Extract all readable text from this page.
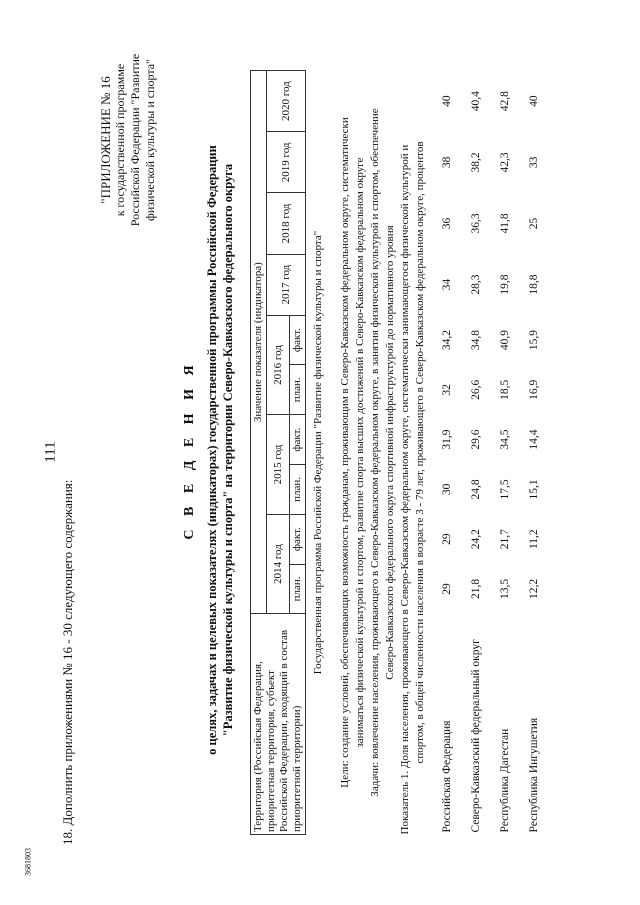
111
3681803
18. Дополнить приложениями № 16 - 30 следующего содержания:
"ПРИЛОЖЕНИЕ № 16 к государственной программе Российской Федерации "Развитие физической культуры и спорта"
С В Е Д Е Н И Я о целях, задачах и целевых показателях (индикаторах) государственной программы Российской Федерации "Развитие физической культуры и спорта" на территории Северо-Кавказского федерального округа
Территория (Российская Федерация, приоритетная территория, субъект Российской Федерации, входящий в состав приоритетной территории)	Значение показателя (индикатора)									
	2014 год		2015 год		2016 год		2017 год	2018 год	2019 год	2020 год
	план.	факт.	план.	факт.	план.	факт.				
Государственная программа Российской Федерации "Развитие физической культуры и спорта"										

Цели: создание условий, обеспечивающих возможность гражданам, проживающим в Северо-Кавказском федеральном округе, систематически										
заниматься физической культурой и спортом, развитие спорта высших достижений в Северо-Кавказском федеральном округе										
Задачи: вовлечение населения, проживающего в Северо-Кавказском федеральном округе, в занятия физической культурой и спортом, обеспечение										
Северо-Кавказского федерального округа спортивной инфраструктурой до нормативного уровня										
Показатель 1. Доля населения, проживающего в Северо-Кавказском федеральном округе, систематически занимающегося физической культурой и										
спортом, в общей численности населения в возрасте 3 - 79 лет, проживающего в Северо-Кавказском федеральном округе, процентов										

Российская Федерация	29	29	30	31,9	32	34,2	34	36	38	40

Северо-Кавказский федеральный округ	21,8	24,2	24,8	29,6	26,6	34,8	28,3	36,3	38,2	40,4

Республика Дагестан	13,5	21,7	17,5	34,5	18,5	40,9	19,8	41,8	42,3	42,8

Республика Ингушетия	12,2	11,2	15,1	14,4	16,9	15,9	18,8	25	33	40
